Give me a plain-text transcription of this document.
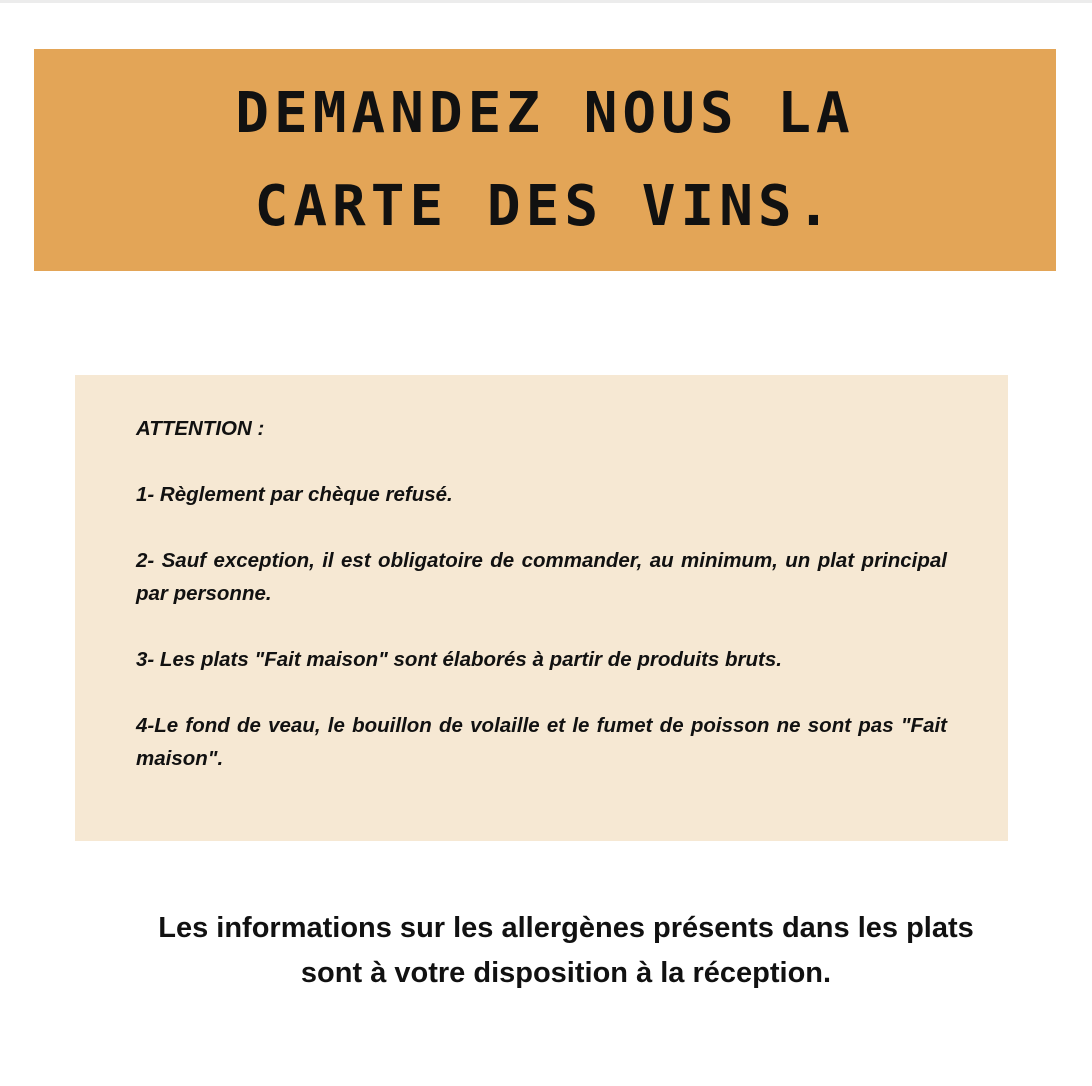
DEMANDEZ NOUS LA
CARTE DES VINS.

ATTENTION :

1- Règlement par chèque refusé.

2- Sauf exception, il est obligatoire de commander, au minimum, un plat principal par personne.

3- Les plats "Fait maison" sont élaborés à partir de produits bruts.

4-Le fond de veau, le bouillon de volaille et le fumet de poisson ne sont pas "Fait maison".

Les informations sur les allergènes présents dans les plats
sont à votre disposition à la réception.
